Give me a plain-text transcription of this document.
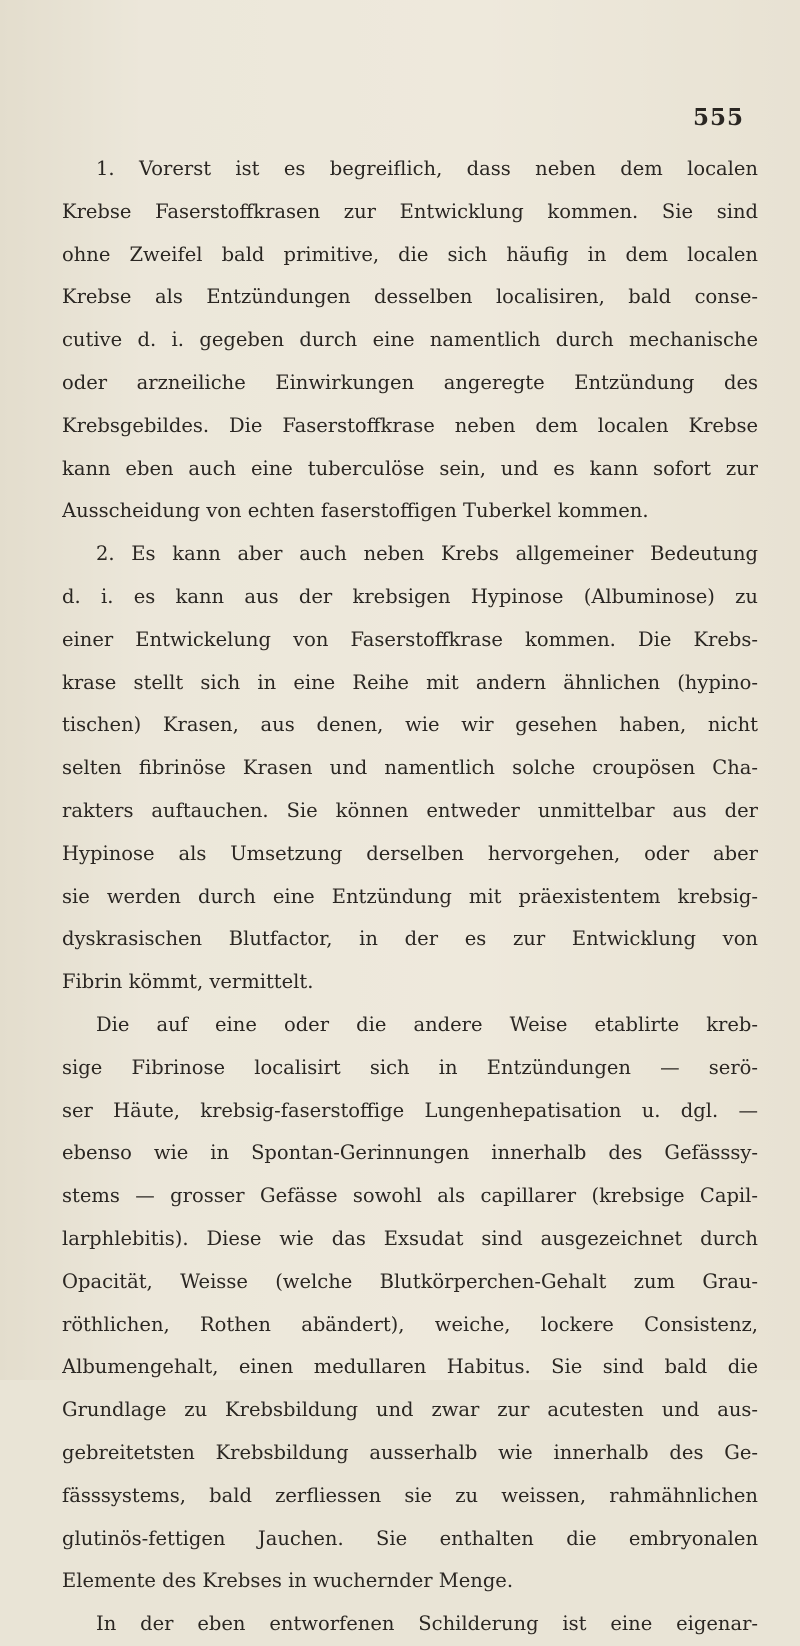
555
1. Vorerst ist es begreiflich, dass neben dem localen
Krebse Faserstoffkrasen zur Entwicklung kommen. Sie sind
ohne Zweifel bald primitive, die sich häufig in dem localen
Krebse als Entzündungen desselben localisiren, bald conse-
cutive d. i. gegeben durch eine namentlich durch mechanische
oder arzneiliche Einwirkungen angeregte Entzündung des
Krebsgebildes. Die Faserstoffkrase neben dem localen Krebse
kann eben auch eine tuberculöse sein, und es kann sofort zur
Ausscheidung von echten faserstoffigen Tuberkel kommen.
2. Es kann aber auch neben Krebs allgemeiner Bedeutung
d. i. es kann aus der krebsigen Hypinose (Albuminose) zu
einer Entwickelung von Faserstoffkrase kommen. Die Krebs-
krase stellt sich in eine Reihe mit andern ähnlichen (hypino-
tischen) Krasen, aus denen, wie wir gesehen haben, nicht
selten fibrinöse Krasen und namentlich solche croupösen Cha-
rakters auftauchen. Sie können entweder unmittelbar aus der
Hypinose als Umsetzung derselben hervorgehen, oder aber
sie werden durch eine Entzündung mit präexistentem krebsig-
dyskrasischen Blutfactor, in der es zur Entwicklung von
Fibrin kömmt, vermittelt.
Die auf eine oder die andere Weise etablirte kreb-
sige Fibrinose localisirt sich in Entzündungen — serö-
ser Häute, krebsig-faserstoffige Lungenhepatisation u. dgl. —
ebenso wie in Spontan-Gerinnungen innerhalb des Gefässsy-
stems — grosser Gefässe sowohl als capillarer (krebsige Capil-
larphlebitis). Diese wie das Exsudat sind ausgezeichnet durch
Opacität, Weisse (welche Blutkörperchen-Gehalt zum Grau-
röthlichen, Rothen abändert), weiche, lockere Consistenz,
Albumengehalt, einen medullaren Habitus. Sie sind bald die
Grundlage zu Krebsbildung und zwar zur acutesten und aus-
gebreitetsten Krebsbildung ausserhalb wie innerhalb des Ge-
fässsystems, bald zerfliessen sie zu weissen, rahmähnlichen
glutinös-fettigen Jauchen. Sie enthalten die embryonalen
Elemente des Krebses in wuchernder Menge.
In der eben entworfenen Schilderung ist eine eigenar-
